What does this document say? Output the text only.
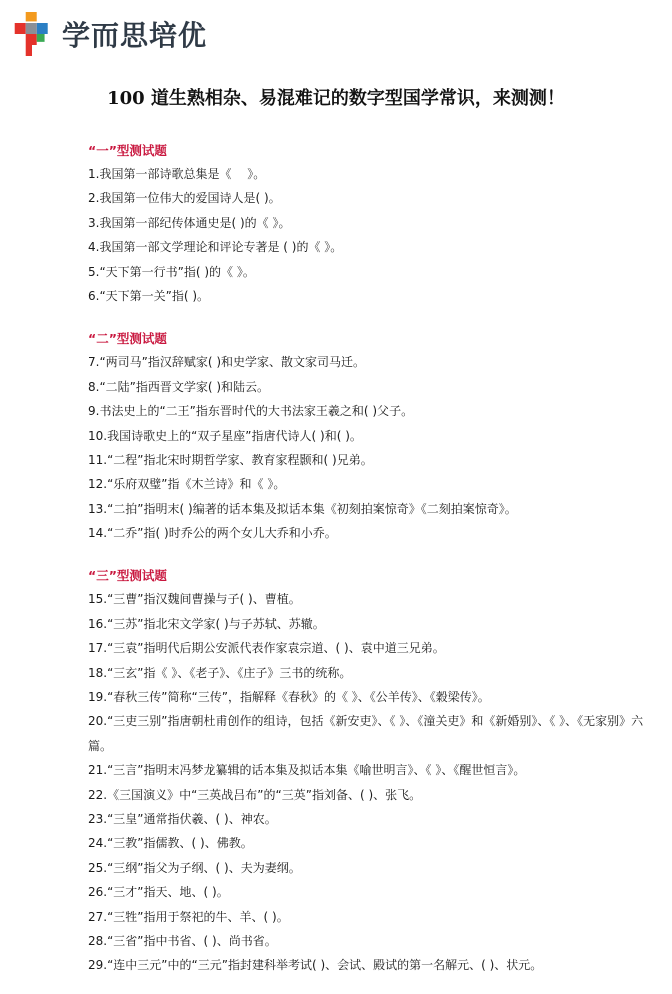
学而思培优
100 道生熟相杂、易混难记的数字型国学常识，来测测！
“一”型测试题
1.我国第一部诗歌总集是《　 》。
2.我国第一位伟大的爱国诗人是( )。
3.我国第一部纪传体通史是( )的《 》。
4.我国第一部文学理论和评论专著是 ( )的《 》。
5.“天下第一行书”指( )的《 》。
6.“天下第一关”指( )。
“二”型测试题
7.“两司马”指汉辞赋家( )和史学家、散文家司马迁。
8.“二陆”指西晋文学家( )和陆云。
9.书法史上的“二王”指东晋时代的大书法家王羲之和( )父子。
10.我国诗歌史上的“双子星座”指唐代诗人( )和( )。
11.“二程”指北宋时期哲学家、教育家程颢和( )兄弟。
12.“乐府双璧”指《木兰诗》和《 》。
13.“二拍”指明末( )编著的话本集及拟话本集《初刻拍案惊奇》《二刻拍案惊奇》。
14.“二乔”指( )时乔公的两个女儿大乔和小乔。
“三”型测试题
15.“三曹”指汉魏间曹操与子( )、曹植。
16.“三苏”指北宋文学家( )与子苏轼、苏辙。
17.“三袁”指明代后期公安派代表作家袁宗道、( )、袁中道三兄弟。
18.“三玄”指《 》、《老子》、《庄子》三书的统称。
19.“春秋三传”简称“三传”，指解释《春秋》的《 》、《公羊传》、《穀梁传》。
20.“三吏三别”指唐朝杜甫创作的组诗，包括《新安吏》、《 》、《潼关吏》和《新婚别》、《 》、《无家别》六篇。
21.“三言”指明末冯梦龙纂辑的话本集及拟话本集《喻世明言》、《 》、《醒世恒言》。
22.《三国演义》中“三英战吕布”的“三英”指刘备、( )、张飞。
23.“三皇”通常指伏羲、( )、神农。
24.“三教”指儒教、( )、佛教。
25.“三纲”指父为子纲、( )、夫为妻纲。
26.“三才”指天、地、( )。
27.“三牲”指用于祭祀的牛、羊、( )。
28.“三省”指中书省、( )、尚书省。
29.“连中三元”中的“三元”指封建科举考试( )、会试、殿试的第一名解元、( )、状元。
